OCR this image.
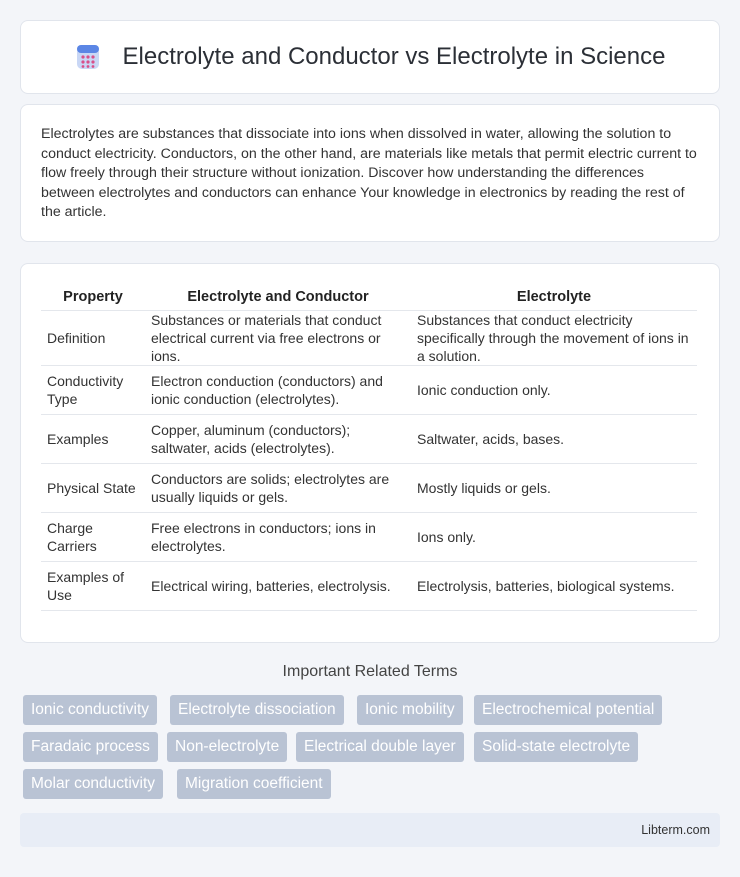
Electrolyte and Conductor vs Electrolyte in Science

Electrolytes are substances that dissociate into ions when dissolved in water, allowing the solution to conduct electricity. Conductors, on the other hand, are materials like metals that permit electric current to flow freely through their structure without ionization. Discover how understanding the differences between electrolytes and conductors can enhance Your knowledge in electronics by reading the rest of the article.

Property	Electrolyte and Conductor	Electrolyte
Definition	Substances or materials that conduct electrical current via free electrons or ions.	Substances that conduct electricity specifically through the movement of ions in a solution.
Conductivity Type	Electron conduction (conductors) and ionic conduction (electrolytes).	Ionic conduction only.
Examples	Copper, aluminum (conductors); saltwater, acids (electrolytes).	Saltwater, acids, bases.
Physical State	Conductors are solids; electrolytes are usually liquids or gels.	Mostly liquids or gels.
Charge Carriers	Free electrons in conductors; ions in electrolytes.	Ions only.
Examples of Use	Electrical wiring, batteries, electrolysis.	Electrolysis, batteries, biological systems.
Important Related Terms
Ionic conductivity	Electrolyte dissociation	Ionic mobility	Electrochemical potential
Faradaic process	Non-electrolyte	Electrical double layer	Solid-state electrolyte
Molar conductivity	Migration coefficient
Libterm.com
